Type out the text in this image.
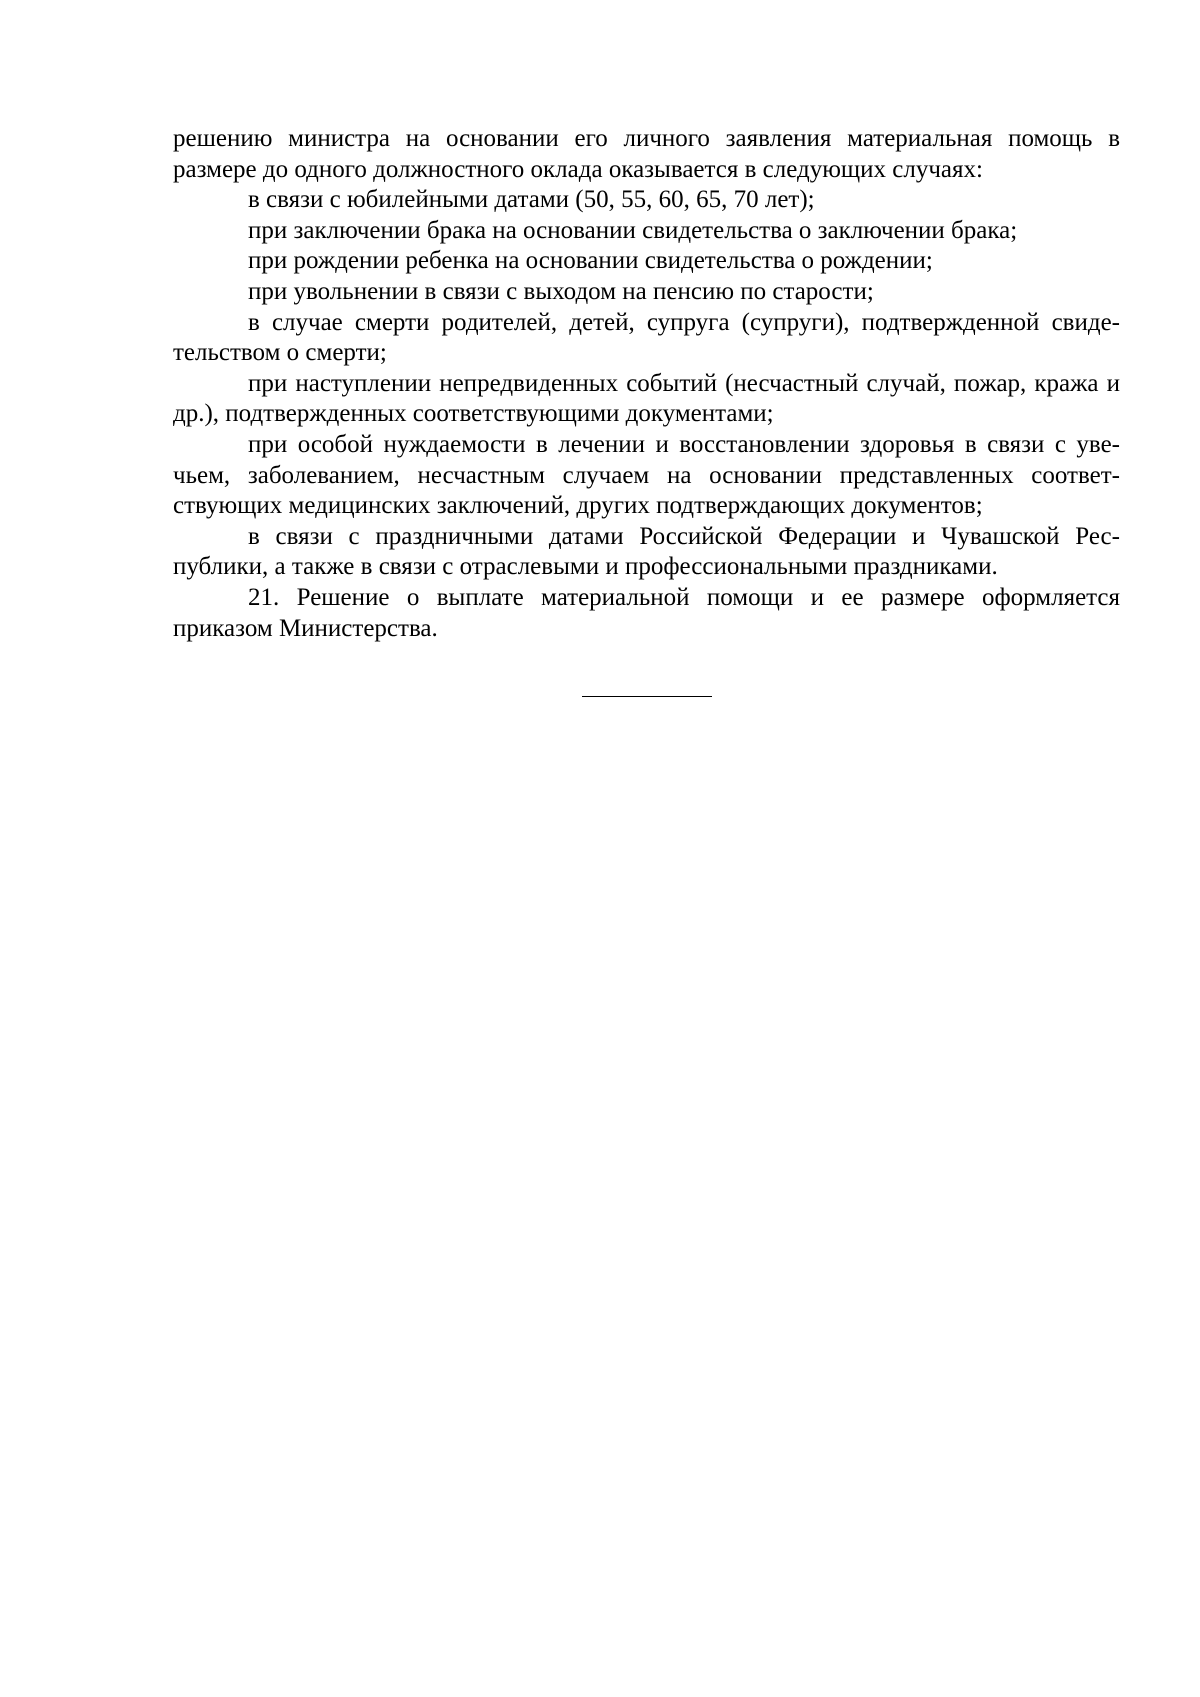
решению министра на основании его личного заявления материальная помощь в размере до одного должностного оклада оказывается в следующих случаях:

в связи с юбилейными датами (50, 55, 60, 65, 70 лет);

при заключении брака на основании свидетельства о заключении брака;

при рождении ребенка на основании свидетельства о рождении;

при увольнении в связи с выходом на пенсию по старости;

в случае смерти родителей, детей, супруга (супруги), подтвержденной свидетельством о смерти;

при наступлении непредвиденных событий (несчастный случай, пожар, кража и др.), подтвержденных соответствующими документами;

при особой нуждаемости в лечении и восстановлении здоровья в связи с увечьем, заболеванием, несчастным случаем на основании представленных соответствующих медицинских заключений, других подтверждающих документов;

в связи с праздничными датами Российской Федерации и Чувашской Республики, а также в связи с отраслевыми и профессиональными праздниками.

21. Решение о выплате материальной помощи и ее размере оформляется приказом Министерства.
